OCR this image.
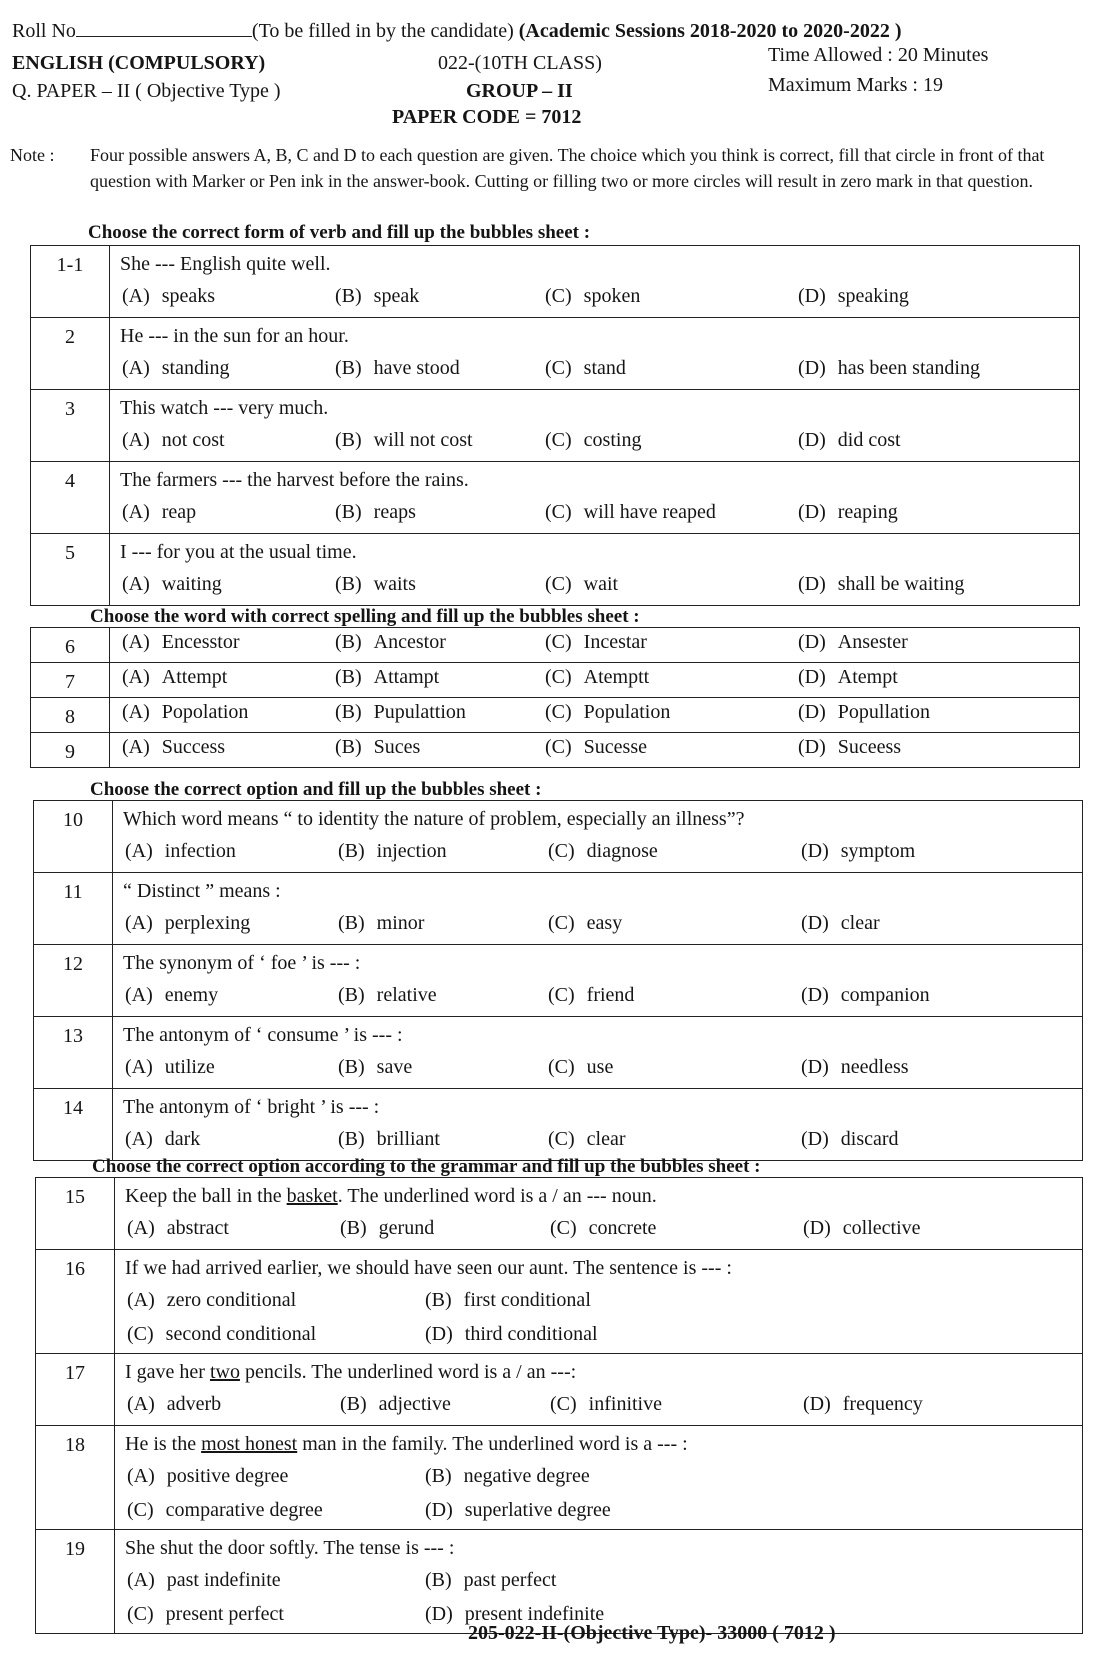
Roll No	(To be filled in by the candidate) (Academic Sessions 2018-2020 to 2020-2022 )
ENGLISH (COMPULSORY)	022-(10TH CLASS)	Time Allowed : 20 Minutes
Q. PAPER – II ( Objective Type )	GROUP – II	Maximum Marks : 19
PAPER CODE = 7012
Note : Four possible answers A, B, C and D to each question are given. The choice which you think is correct, fill that circle in front of that question with Marker or Pen ink in the answer-book. Cutting or filling two or more circles will result in zero mark in that question.
Choose the correct form of verb and fill up the bubbles sheet :
1-1	She --- English quite well.
(A) speaks (B) speak (C) spoken (D) speaking

2	He --- in the sun for an hour.
(A) standing (B) have stood (C) stand (D) has been standing

3	This watch --- very much.
(A) not cost (B) will not cost (C) costing (D) did cost

4	The farmers --- the harvest before the rains.
(A) reap (B) reaps (C) will have reaped (D) reaping

5	I --- for you at the usual time.
(A) waiting (B) waits (C) wait (D) shall be waiting
Choose the word with correct spelling and fill up the bubbles sheet :
6	(A) Encesstor (B) Ancestor (C) Incestar (D) Ansester

7	(A) Attempt (B) Attampt (C) Atemptt (D) Atempt

8	(A) Popolation (B) Pupulattion (C) Population (D) Popullation

9	(A) Success (B) Suces (C) Sucesse (D) Suceess
Choose the correct option and fill up the bubbles sheet :
10	Which word means “ to identity the nature of problem, especially an illness”?
(A) infection (B) injection (C) diagnose (D) symptom

11	“ Distinct ” means :
(A) perplexing (B) minor (C) easy (D) clear

12	The synonym of ‘ foe ’ is --- :
(A) enemy (B) relative (C) friend (D) companion

13	The antonym of ‘ consume ’ is --- :
(A) utilize (B) save (C) use (D) needless

14	The antonym of ‘ bright ’ is --- :
(A) dark (B) brilliant (C) clear (D) discard
Choose the correct option according to the grammar and fill up the bubbles sheet :
15	Keep the ball in the basket. The underlined word is a / an --- noun.
(A) abstract (B) gerund (C) concrete (D) collective

16	If we had arrived earlier, we should have seen our aunt. The sentence is --- :
(A) zero conditional (B) first conditional
(C) second conditional (D) third conditional

17	I gave her two pencils. The underlined word is a / an ---:
(A) adverb (B) adjective (C) infinitive (D) frequency

18	He is the most honest man in the family. The underlined word is a --- :
(A) positive degree (B) negative degree
(C) comparative degree (D) superlative degree

19	She shut the door softly. The tense is --- :
(A) past indefinite (B) past perfect
(C) present perfect (D) present indefinite
205-022-II-(Objective Type)- 33000 ( 7012 )
